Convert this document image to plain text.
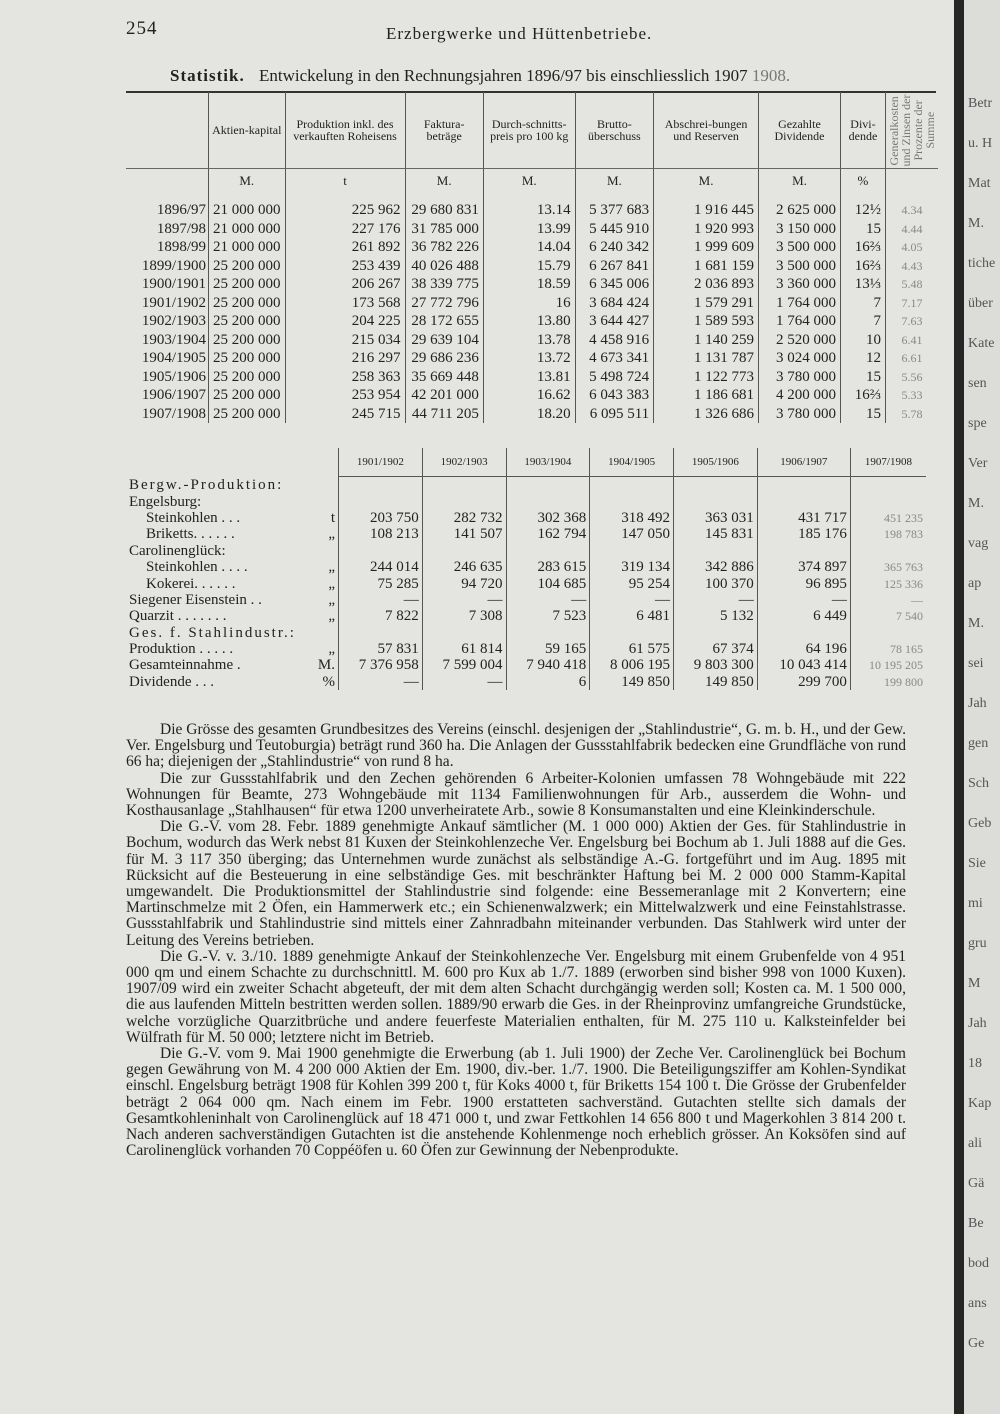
Betr
u. H
Mat
M.
tiche
über
Kate
sen
spe
Ver
M.
vag
ap
M.
sei
Jah
gen
Sch
Geb
Sie
mi
gru
M
Jah
18
Kap
ali
Gä
Be
bod
ans
Ge
254	Erzbergwerke und Hüttenbetriebe.
Statistik. Entwickelung in den Rechnungsjahren 1896/97 bis einschliesslich 1907 1908.
	Aktien-kapital	Produktion inkl. des verkauften Roheisens	Faktura-beträge	Durch-schnitts-preis pro 100 kg	Brutto-überschuss	Abschrei-bungen und Reserven	Gezahlte Dividende	Divi-dende	Generalkosten und Zinsen der Prozente der Summe
	M.	t	M.	M.	M.	M.	M.	%	
1896/97	21 000 000	225 962	29 680 831	13.14	5 377 683	1 916 445	2 625 000	12½	4.34
1897/98	21 000 000	227 176	31 785 000	13.99	5 445 910	1 920 993	3 150 000	15	4.44
1898/99	21 000 000	261 892	36 782 226	14.04	6 240 342	1 999 609	3 500 000	16⅔	4.05
1899/1900	25 200 000	253 439	40 026 488	15.79	6 267 841	1 681 159	3 500 000	16⅔	4.43
1900/1901	25 200 000	206 267	38 339 775	18.59	6 345 006	2 036 893	3 360 000	13⅓	5.48
1901/1902	25 200 000	173 568	27 772 796	16	3 684 424	1 579 291	1 764 000	7	7.17
1902/1903	25 200 000	204 225	28 172 655	13.80	3 644 427	1 589 593	1 764 000	7	7.63
1903/1904	25 200 000	215 034	29 639 104	13.78	4 458 916	1 140 259	2 520 000	10	6.41
1904/1905	25 200 000	216 297	29 686 236	13.72	4 673 341	1 131 787	3 024 000	12	6.61
1905/1906	25 200 000	258 363	35 669 448	13.81	5 498 724	1 122 773	3 780 000	15	5.56
1906/1907	25 200 000	253 954	42 201 000	16.62	6 043 383	1 186 681	4 200 000	16⅔	5.33
1907/1908	25 200 000	245 715	44 711 205	18.20	6 095 511	1 326 686	3 780 000	15	5.78
	1901/1902	1902/1903	1903/1904	1904/1905	1905/1906	1906/1907	1907/1908
Bergw.-Produktion:

Engelsburg:

Steinkohlen . . . t	203 750	282 732	302 368	318 492	363 031	431 717	451 235
Briketts. . . . . . „	108 213	141 507	162 794	147 050	145 831	185 176	198 783
Carolinenglück:

Steinkohlen . . . . „	244 014	246 635	283 615	319 134	342 886	374 897	365 763
Kokerei. . . . . . „	75 285	94 720	104 685	95 254	100 370	96 895	125 336
Siegener Eisenstein . . „	—	—	—	—	—	—	—
Quarzit . . . . . . . „	7 822	7 308	7 523	6 481	5 132	6 449	7 540
Ges. f. Stahlindustr.:

Produktion . . . . . „	57 831	61 814	59 165	61 575	67 374	64 196	78 165
Gesamteinnahme . M.	7 376 958	7 599 004	7 940 418	8 006 195	9 803 300	10 043 414	10 195 205
Dividende . . . %	—	—	6	149 850	149 850	299 700	199 800

Die Grösse des gesamten Grundbesitzes des Vereins (einschl. desjenigen der „Stahlindustrie“, G. m. b. H., und der Gew. Ver. Engelsburg und Teutoburgia) beträgt rund 360 ha. Die Anlagen der Gussstahlfabrik bedecken eine Grundfläche von rund 66 ha; diejenigen der „Stahlindustrie“ von rund 8 ha.

Die zur Gussstahlfabrik und den Zechen gehörenden 6 Arbeiter-Kolonien umfassen 78 Wohngebäude mit 222 Wohnungen für Beamte, 273 Wohngebäude mit 1134 Familienwohnungen für Arb., ausserdem die Wohn- und Kosthausanlage „Stahlhausen“ für etwa 1200 unverheiratete Arb., sowie 8 Konsumanstalten und eine Kleinkinderschule.

Die G.-V. vom 28. Febr. 1889 genehmigte Ankauf sämtlicher (M. 1 000 000) Aktien der Ges. für Stahlindustrie in Bochum, wodurch das Werk nebst 81 Kuxen der Steinkohlenzeche Ver. Engelsburg bei Bochum ab 1. Juli 1888 auf die Ges. für M. 3 117 350 überging; das Unternehmen wurde zunächst als selbständige A.-G. fortgeführt und im Aug. 1895 mit Rücksicht auf die Besteuerung in eine selbständige Ges. mit beschränkter Haftung bei M. 2 000 000 Stamm-Kapital umgewandelt. Die Produktionsmittel der Stahlindustrie sind folgende: eine Bessemeranlage mit 2 Konvertern; eine Martinschmelze mit 2 Öfen, ein Hammerwerk etc.; ein Schienenwalzwerk; ein Mittelwalzwerk und eine Feinstahlstrasse. Gussstahlfabrik und Stahlindustrie sind mittels einer Zahnradbahn miteinander verbunden. Das Stahlwerk wird unter der Leitung des Vereins betrieben.

Die G.-V. v. 3./10. 1889 genehmigte Ankauf der Steinkohlenzeche Ver. Engelsburg mit einem Grubenfelde von 4 951 000 qm und einem Schachte zu durchschnittl. M. 600 pro Kux ab 1./7. 1889 (erworben sind bisher 998 von 1000 Kuxen). 1907/09 wird ein zweiter Schacht abgeteuft, der mit dem alten Schacht durchgängig werden soll; Kosten ca. M. 1 500 000, die aus laufenden Mitteln bestritten werden sollen. 1889/90 erwarb die Ges. in der Rheinprovinz umfangreiche Grundstücke, welche vorzügliche Quarzitbrüche und andere feuerfeste Materialien enthalten, für M. 275 110 u. Kalksteinfelder bei Wülfrath für M. 50 000; letztere nicht im Betrieb.

Die G.-V. vom 9. Mai 1900 genehmigte die Erwerbung (ab 1. Juli 1900) der Zeche Ver. Carolinenglück bei Bochum gegen Gewährung von M. 4 200 000 Aktien der Em. 1900, div.-ber. 1./7. 1900. Die Beteiligungsziffer am Kohlen-Syndikat einschl. Engelsburg beträgt 1908 für Kohlen 399 200 t, für Koks 4000 t, für Briketts 154 100 t. Die Grösse der Grubenfelder beträgt 2 064 000 qm. Nach einem im Febr. 1900 erstatteten sachverständ. Gutachten stellte sich damals der Gesamtkohleninhalt von Carolinenglück auf 18 471 000 t, und zwar Fettkohlen 14 656 800 t und Magerkohlen 3 814 200 t. Nach anderen sachverständigen Gutachten ist die anstehende Kohlenmenge noch erheblich grösser. An Koksöfen sind auf Carolinenglück vorhanden 70 Coppéöfen u. 60 Öfen zur Gewinnung der Nebenprodukte.
